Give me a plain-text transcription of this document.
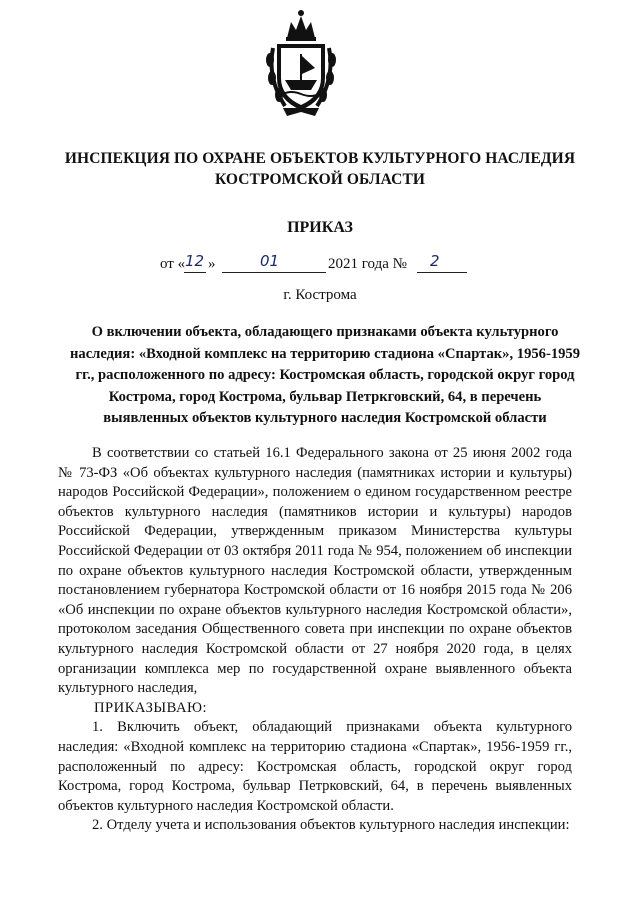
ИНСПЕКЦИЯ ПО ОХРАНЕ ОБЪЕКТОВ КУЛЬТУРНОГО НАСЛЕДИЯ
КОСТРОМСКОЙ ОБЛАСТИ
ПРИКАЗ
от « 12 »	01	2021 года № 2
г. Кострома
О включении объекта, обладающего признаками объекта культурного наследия: «Входной комплекс на территорию стадиона «Спартак», 1956-1959 гг., расположенного по адресу: Костромская область, городской округ город Кострома, город Кострома, бульвар Петркговский, 64, в перечень выявленных объектов культурного наследия Костромской области

В соответствии со статьей 16.1 Федерального закона от 25 июня 2002 года № 73-ФЗ «Об объектах культурного наследия (памятниках истории и культуры) народов Российской Федерации», положением о едином государственном реестре объектов культурного наследия (памятников истории и культуры) народов Российской Федерации, утвержденным приказом Министерства культуры Российской Федерации от 03 октября 2011 года № 954, положением об инспекции по охране объектов культурного наследия Костромской области, утвержденным постановлением губернатора Костромской области от 16 ноября 2015 года № 206 «Об инспекции по охране объектов культурного наследия Костромской области», протоколом заседания Общественного совета при инспекции по охране объектов культурного наследия Костромской области от 27 ноября 2020 года, в целях организации комплекса мер по государственной охране выявленного объекта культурного наследия,

ПРИКАЗЫВАЮ:

1. Включить объект, обладающий признаками объекта культурного наследия: «Входной комплекс на территорию стадиона «Спартак», 1956-1959 гг., расположенный по адресу: Костромская область, городской округ город Кострома, город Кострома, бульвар Петрковский, 64, в перечень выявленных объектов культурного наследия Костромской области.

2. Отделу учета и использования объектов культурного наследия инспекции:
